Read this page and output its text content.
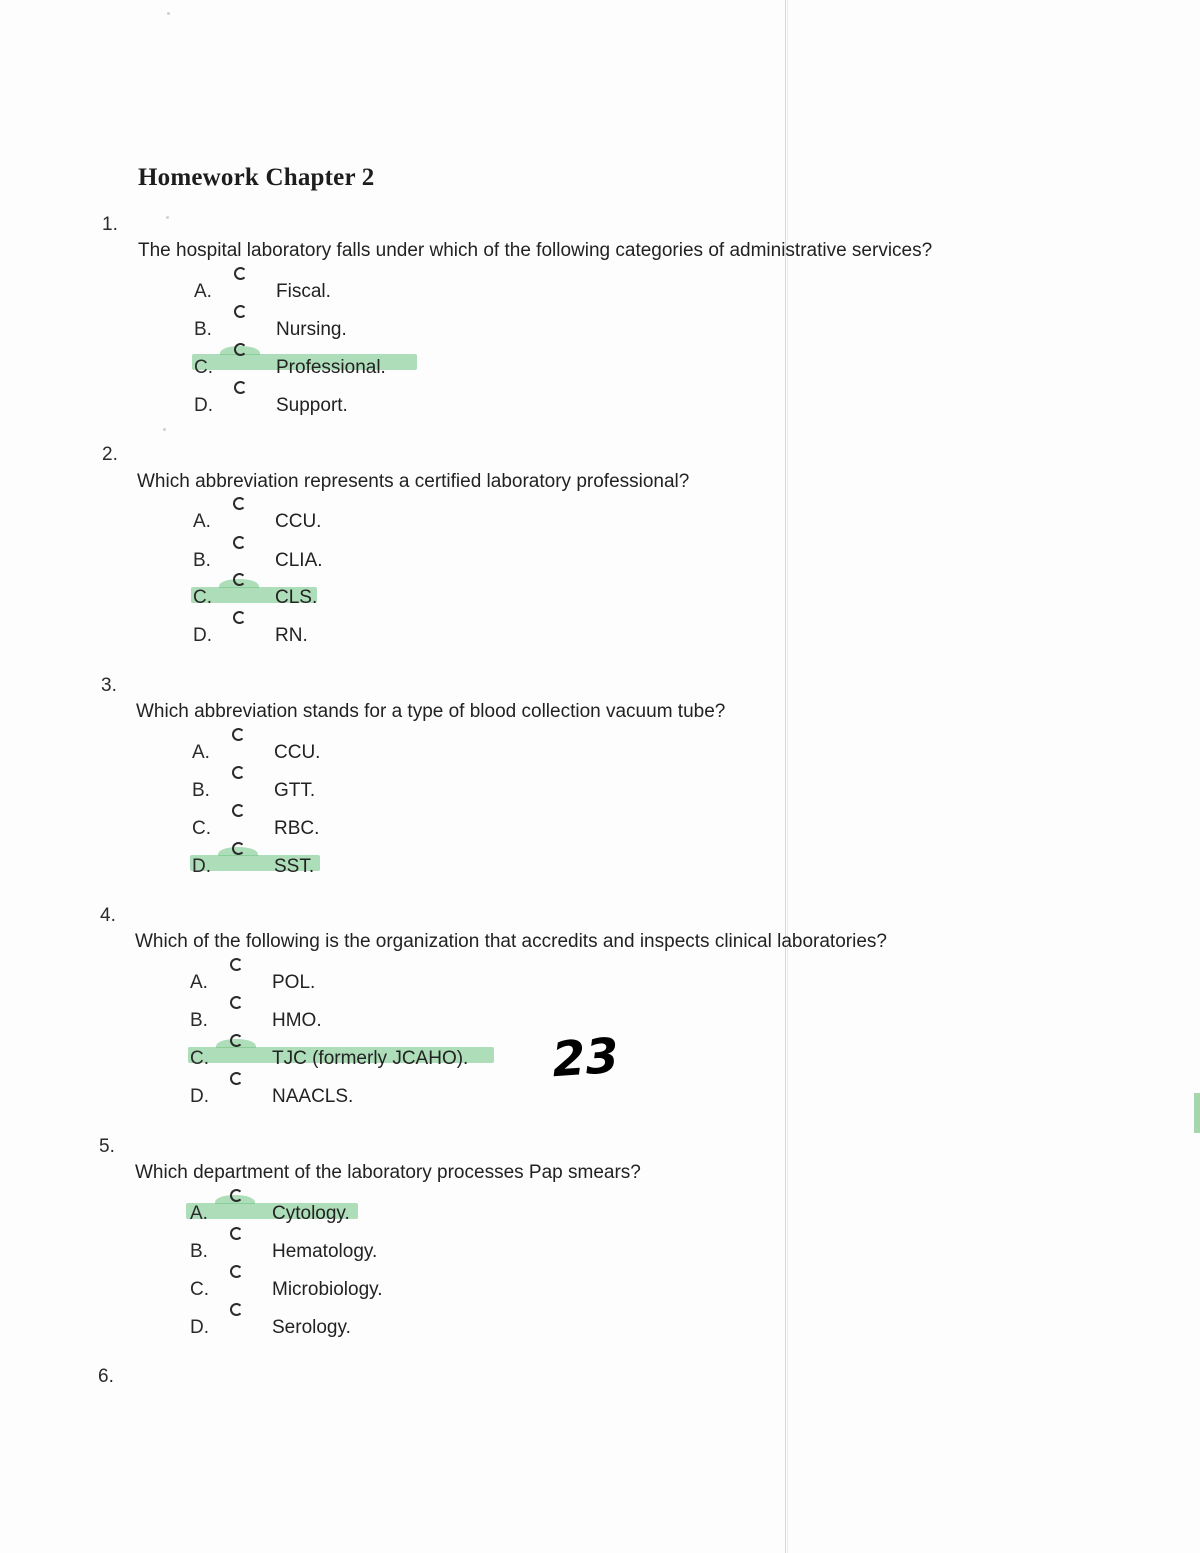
Homework Chapter 2
1.
The hospital laboratory falls under which of the following categories of administrative services?
A.	Fiscal.
B.	Nursing.
C.	Professional.
D.	Support.
2.
Which abbreviation represents a certified laboratory professional?
A.	CCU.
B.	CLIA.
C.	CLS.
D.	RN.
3.
Which abbreviation stands for a type of blood collection vacuum tube?
A.	CCU.
B.	GTT.
C.	RBC.
D.	SST.
4.
Which of the following is the organization that accredits and inspects clinical laboratories?
A.	POL.
B.	HMO.
C.	TJC (formerly JCAHO).
D.	NAACLS.
23
5.
Which department of the laboratory processes Pap smears?
A.	Cytology.
B.	Hematology.
C.	Microbiology.
D.	Serology.
6.
